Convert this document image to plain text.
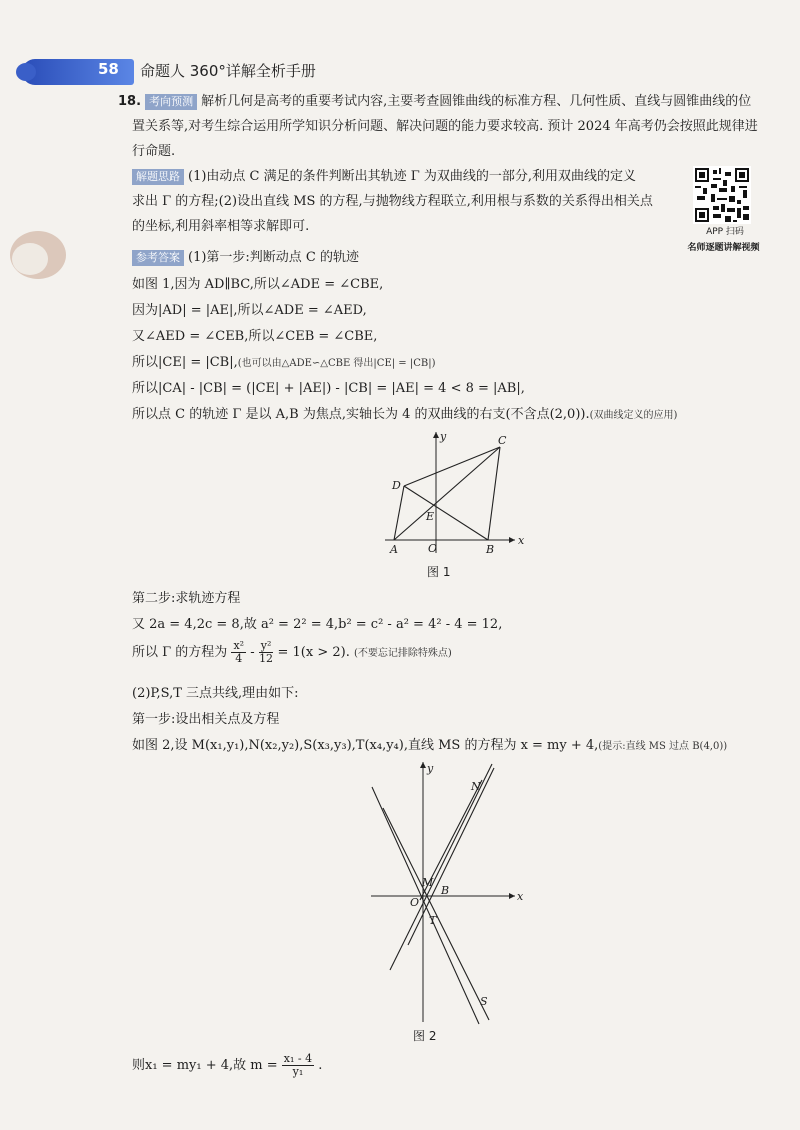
58 命题人 360°详解全析手册
18. 考向预测 解析几何是高考的重要考试内容,主要考查圆锥曲线的标准方程、几何性质、直线与圆锥曲线的位
置关系等,对考生综合运用所学知识分析问题、解决问题的能力要求较高. 预计 2024 年高考仍会按照此规律进
行命题.
解题思路 (1)由动点 C 满足的条件判断出其轨迹 Γ 为双曲线的一部分,利用双曲线的定义
求出 Γ 的方程;(2)设出直线 MS 的方程,与抛物线方程联立,利用根与系数的关系得出相关点
的坐标,利用斜率相等求解即可.	APP 扫码
名师逐题讲解视频
参考答案 (1)第一步:判断动点 C 的轨迹
如图 1,因为 AD∥BC,所以∠ADE = ∠CBE,
因为|AD| = |AE|,所以∠ADE = ∠AED,
又∠AED = ∠CEB,所以∠CEB = ∠CBE,
所以|CE| = |CB|,(也可以由△ADE∽△CBE 得出|CE| = |CB|)
所以|CA| - |CB| = (|CE| + |AE|) - |CB| = |AE| = 4 < 8 = |AB|,
所以点 C 的轨迹 Γ 是以 A,B 为焦点,实轴长为 4 的双曲线的右支(不含点(2,0)).(双曲线定义的应用)
y
x
C
D
E
A	O	B
图 1
第二步:求轨迹方程
又 2a = 4,2c = 8,故 a² = 2² = 4,b² = c² - a² = 4² - 4 = 12,
所以 Γ 的方程为 $\frac{\text{x²}}{4} - \frac{\text{y²}}{12} = 1(x > 2)$. (不要忘记排除特殊点)
(2)P,S,T 三点共线,理由如下:
第一步:设出相关点及方程
如图 2,设 M(x₁,y₁),N(x₂,y₂),S(x₃,y₃),T(x₄,y₄),直线 MS 的方程为 x = my + 4,(提示:直线 MS 过点 B(4,0))
y
x
N
M
B
O
T
S
图 2
则x₁ = my₁ + 4,故 $m = \frac{\text{x₁ - 4}}{\text{y₁}}$ .
